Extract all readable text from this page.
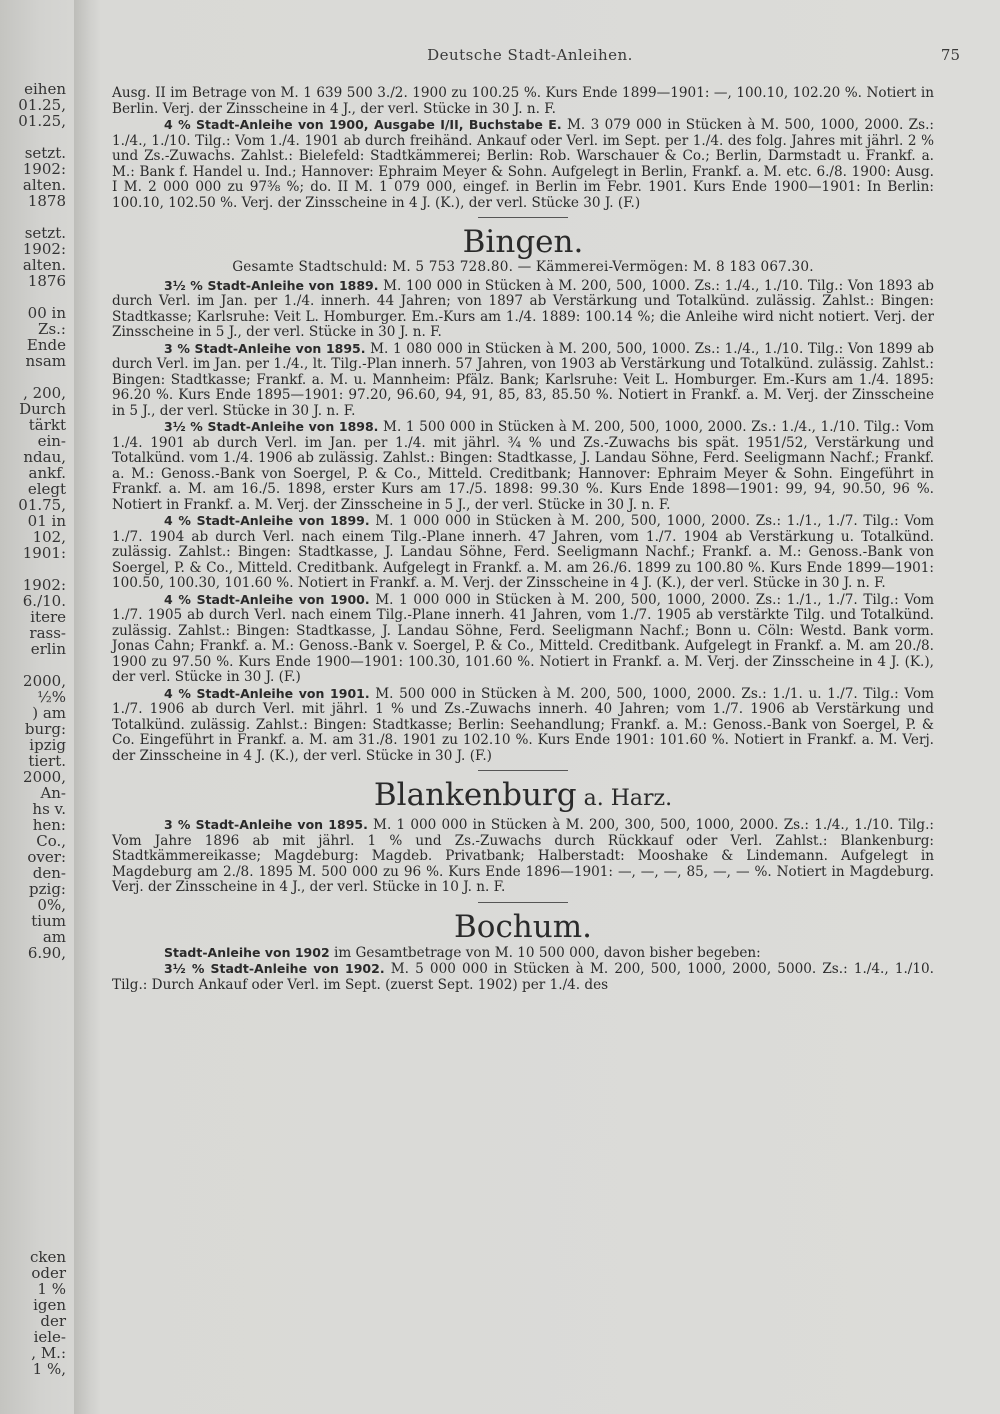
eihen
01.25,
01.25,
setzt.
1902:
alten.
1878
setzt.
1902:
alten.
1876
00 in
Zs.:
Ende
nsam
, 200,
Durch
tärkt
ein-
ndau,
ankf.
elegt
01.75,
01 in
102,
1901:
1902:
6./10.
itere
rass-
erlin
2000,
½%
) am
burg:
ipzig
tiert.
2000,
An-
hs v.
hen:
Co.,
over:
den-
pzig:
0%,
tium
am
6.90,
cken
oder
1 %
igen
der
iele-
, M.:
1 %,
Deutsche Stadt-Anleihen.	75

Ausg. II im Betrage von M. 1 639 500 3./2. 1900 zu 100.25 %. Kurs Ende 1899—1901: —, 100.10, 102.20 %. Notiert in Berlin. Verj. der Zinsscheine in 4 J., der verl. Stücke in 30 J. n. F.

4 % Stadt-Anleihe von 1900, Ausgabe I/II, Buchstabe E. M. 3 079 000 in Stücken à M. 500, 1000, 2000. Zs.: 1./4., 1./10. Tilg.: Vom 1./4. 1901 ab durch freihänd. Ankauf oder Verl. im Sept. per 1./4. des folg. Jahres mit jährl. 2 % und Zs.-Zuwachs. Zahlst.: Bielefeld: Stadtkämmerei; Berlin: Rob. Warschauer & Co.; Berlin, Darmstadt u. Frankf. a. M.: Bank f. Handel u. Ind.; Hannover: Ephraim Meyer & Sohn. Aufgelegt in Berlin, Frankf. a. M. etc. 6./8. 1900: Ausg. I M. 2 000 000 zu 97⅜ %; do. II M. 1 079 000, eingef. in Berlin im Febr. 1901. Kurs Ende 1900—1901: In Berlin: 100.10, 102.50 %. Verj. der Zinsscheine in 4 J. (K.), der verl. Stücke 30 J. (F.)

Bingen.
Gesamte Stadtschuld: M. 5 753 728.80. — Kämmerei-Vermögen: M. 8 183 067.30.

3½ % Stadt-Anleihe von 1889. M. 100 000 in Stücken à M. 200, 500, 1000. Zs.: 1./4., 1./10. Tilg.: Von 1893 ab durch Verl. im Jan. per 1./4. innerh. 44 Jahren; von 1897 ab Verstärkung und Totalkünd. zulässig. Zahlst.: Bingen: Stadtkasse; Karlsruhe: Veit L. Homburger. Em.-Kurs am 1./4. 1889: 100.14 %; die Anleihe wird nicht notiert. Verj. der Zinsscheine in 5 J., der verl. Stücke in 30 J. n. F.

3 % Stadt-Anleihe von 1895. M. 1 080 000 in Stücken à M. 200, 500, 1000. Zs.: 1./4., 1./10. Tilg.: Von 1899 ab durch Verl. im Jan. per 1./4., lt. Tilg.-Plan innerh. 57 Jahren, von 1903 ab Verstärkung und Totalkünd. zulässig. Zahlst.: Bingen: Stadtkasse; Frankf. a. M. u. Mannheim: Pfälz. Bank; Karlsruhe: Veit L. Homburger. Em.-Kurs am 1./4. 1895: 96.20 %. Kurs Ende 1895—1901: 97.20, 96.60, 94, 91, 85, 83, 85.50 %. Notiert in Frankf. a. M. Verj. der Zinsscheine in 5 J., der verl. Stücke in 30 J. n. F.

3½ % Stadt-Anleihe von 1898. M. 1 500 000 in Stücken à M. 200, 500, 1000, 2000. Zs.: 1./4., 1./10. Tilg.: Vom 1./4. 1901 ab durch Verl. im Jan. per 1./4. mit jährl. ¾ % und Zs.-Zuwachs bis spät. 1951/52, Verstärkung und Totalkünd. vom 1./4. 1906 ab zulässig. Zahlst.: Bingen: Stadtkasse, J. Landau Söhne, Ferd. Seeligmann Nachf.; Frankf. a. M.: Genoss.-Bank von Soergel, P. & Co., Mitteld. Creditbank; Hannover: Ephraim Meyer & Sohn. Eingeführt in Frankf. a. M. am 16./5. 1898, erster Kurs am 17./5. 1898: 99.30 %. Kurs Ende 1898—1901: 99, 94, 90.50, 96 %. Notiert in Frankf. a. M. Verj. der Zinsscheine in 5 J., der verl. Stücke in 30 J. n. F.

4 % Stadt-Anleihe von 1899. M. 1 000 000 in Stücken à M. 200, 500, 1000, 2000. Zs.: 1./1., 1./7. Tilg.: Vom 1./7. 1904 ab durch Verl. nach einem Tilg.-Plane innerh. 47 Jahren, vom 1./7. 1904 ab Verstärkung u. Totalkünd. zulässig. Zahlst.: Bingen: Stadtkasse, J. Landau Söhne, Ferd. Seeligmann Nachf.; Frankf. a. M.: Genoss.-Bank von Soergel, P. & Co., Mitteld. Creditbank. Aufgelegt in Frankf. a. M. am 26./6. 1899 zu 100.80 %. Kurs Ende 1899—1901: 100.50, 100.30, 101.60 %. Notiert in Frankf. a. M. Verj. der Zinsscheine in 4 J. (K.), der verl. Stücke in 30 J. n. F.

4 % Stadt-Anleihe von 1900. M. 1 000 000 in Stücken à M. 200, 500, 1000, 2000. Zs.: 1./1., 1./7. Tilg.: Vom 1./7. 1905 ab durch Verl. nach einem Tilg.-Plane innerh. 41 Jahren, vom 1./7. 1905 ab verstärkte Tilg. und Totalkünd. zulässig. Zahlst.: Bingen: Stadtkasse, J. Landau Söhne, Ferd. Seeligmann Nachf.; Bonn u. Cöln: Westd. Bank vorm. Jonas Cahn; Frankf. a. M.: Genoss.-Bank v. Soergel, P. & Co., Mitteld. Creditbank. Aufgelegt in Frankf. a. M. am 20./8. 1900 zu 97.50 %. Kurs Ende 1900—1901: 100.30, 101.60 %. Notiert in Frankf. a. M. Verj. der Zinsscheine in 4 J. (K.), der verl. Stücke in 30 J. (F.)

4 % Stadt-Anleihe von 1901. M. 500 000 in Stücken à M. 200, 500, 1000, 2000. Zs.: 1./1. u. 1./7. Tilg.: Vom 1./7. 1906 ab durch Verl. mit jährl. 1 % und Zs.-Zuwachs innerh. 40 Jahren; vom 1./7. 1906 ab Verstärkung und Totalkünd. zulässig. Zahlst.: Bingen: Stadtkasse; Berlin: Seehandlung; Frankf. a. M.: Genoss.-Bank von Soergel, P. & Co. Eingeführt in Frankf. a. M. am 31./8. 1901 zu 102.10 %. Kurs Ende 1901: 101.60 %. Notiert in Frankf. a. M. Verj. der Zinsscheine in 4 J. (K.), der verl. Stücke in 30 J. (F.)

Blankenburg a. Harz.

3 % Stadt-Anleihe von 1895. M. 1 000 000 in Stücken à M. 200, 300, 500, 1000, 2000. Zs.: 1./4., 1./10. Tilg.: Vom Jahre 1896 ab mit jährl. 1 % und Zs.-Zuwachs durch Rückkauf oder Verl. Zahlst.: Blankenburg: Stadtkämmereikasse; Magdeburg: Magdeb. Privatbank; Halberstadt: Mooshake & Lindemann. Aufgelegt in Magdeburg am 2./8. 1895 M. 500 000 zu 96 %. Kurs Ende 1896—1901: —, —, —, 85, —, — %. Notiert in Magdeburg. Verj. der Zinsscheine in 4 J., der verl. Stücke in 10 J. n. F.

Bochum.

Stadt-Anleihe von 1902 im Gesamtbetrage von M. 10 500 000, davon bisher begeben:

3½ % Stadt-Anleihe von 1902. M. 5 000 000 in Stücken à M. 200, 500, 1000, 2000, 5000. Zs.: 1./4., 1./10. Tilg.: Durch Ankauf oder Verl. im Sept. (zuerst Sept. 1902) per 1./4. des
